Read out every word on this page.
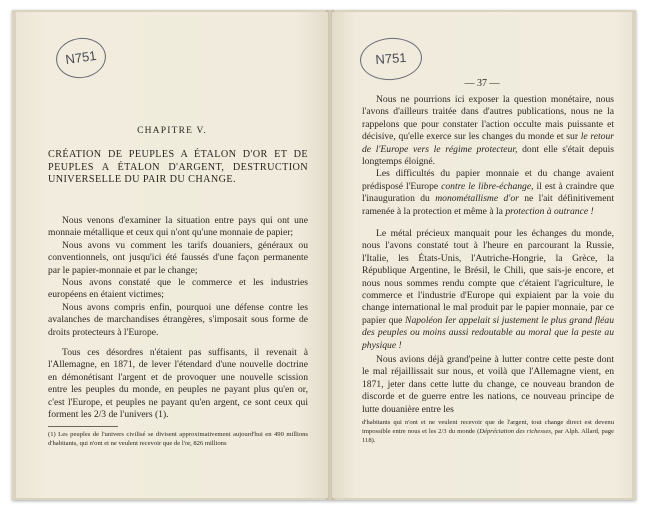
N751
CHAPITRE V.
CRÉATION DE PEUPLES A ÉTALON D'OR ET DE PEUPLES A ÉTALON D'ARGENT, DESTRUCTION UNIVERSELLE DU PAIR DU CHANGE.

Nous venons d'examiner la situation entre pays qui ont une monnaie métallique et ceux qui n'ont qu'une monnaie de papier;

Nous avons vu comment les tarifs douaniers, généraux ou conventionnels, ont jusqu'ici été faussés d'une façon permanente par le papier-monnaie et par le change;

Nous avons constaté que le commerce et les industries européens en étaient victimes;

Nous avons compris enfin, pourquoi une défense contre les avalanches de marchandises étrangères, s'imposait sous forme de droits protecteurs à l'Europe.

Tous ces désordres n'étaient pas suffisants, il revenait à l'Allemagne, en 1871, de lever l'étendard d'une nouvelle doctrine en démonétisant l'argent et de provoquer une nouvelle scission entre les peuples du monde, en peuples ne payant plus qu'en or, c'est l'Europe, et peuples ne payant qu'en argent, ce sont ceux qui forment les 2/3 de l'univers (1).

(1) Les peuples de l'univers civilisé se divisent approximativement aujourd'hui en 490 millions d'habitants, qui n'ont et ne veulent recevoir que de l'or, 826 millions
N751
— 37 —

Nous ne pourrions ici exposer la question monétaire, nous l'avons d'ailleurs traitée dans d'autres publications, nous ne la rappelons que pour constater l'action occulte mais puissante et décisive, qu'elle exerce sur les changes du monde et sur le retour de l'Europe vers le régime protecteur, dont elle s'était depuis longtemps éloigné.

Les difficultés du papier monnaie et du change avaient prédisposé l'Europe contre le libre-échange, il est à craindre que l'inauguration du monométallisme d'or ne l'ait définitivement ramenée à la protection et même à la protection à outrance !

Le métal précieux manquait pour les échanges du monde, nous l'avons constaté tout à l'heure en parcourant la Russie, l'Italie, les États-Unis, l'Autriche-Hongrie, la Grèce, la République Argentine, le Brésil, le Chili, que sais-je encore, et nous nous sommes rendu compte que c'étaient l'agriculture, le commerce et l'industrie d'Europe qui expiaient par la voie du change international le mal produit par le papier monnaie, par ce papier que Napoléon Ier appelait si justement le plus grand fléau des peuples ou moins aussi redoutable au moral que la peste au physique !

Nous avions déjà grand'peine à lutter contre cette peste dont le mal réjaillissait sur nous, et voilà que l'Allemagne vient, en 1871, jeter dans cette lutte du change, ce nouveau brandon de discorde et de guerre entre les nations, ce nouveau principe de lutte douanière entre les

d'habitants qui n'ont et ne veulent recevoir que de l'argent, tout change direct est devenu impossible entre nous et les 2/3 du monde (Dépréciation des richesses, par Alph. Allard, page 118).
